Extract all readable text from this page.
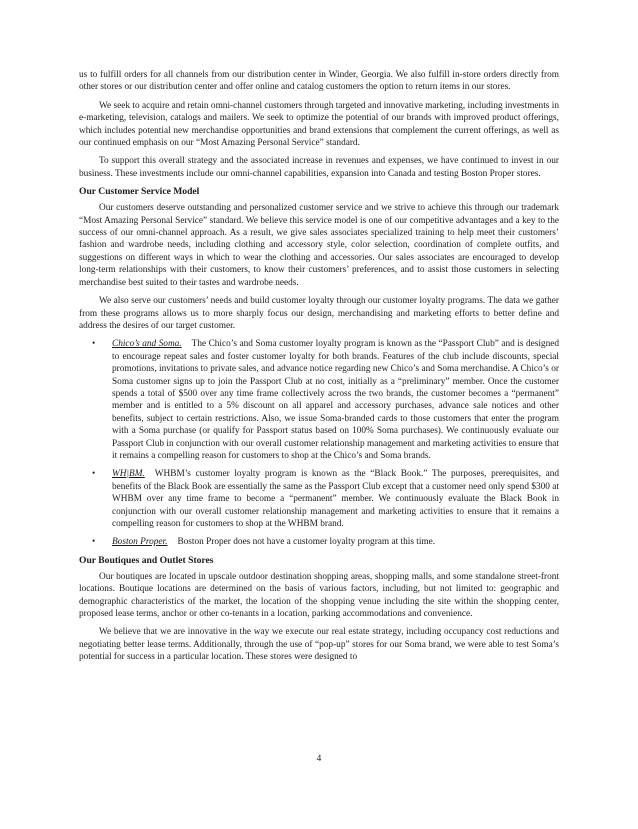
us to fulfill orders for all channels from our distribution center in Winder, Georgia. We also fulfill in-store orders directly from other stores or our distribution center and offer online and catalog customers the option to return items in our stores.

We seek to acquire and retain omni-channel customers through targeted and innovative marketing, including investments in e-marketing, television, catalogs and mailers. We seek to optimize the potential of our brands with improved product offerings, which includes potential new merchandise opportunities and brand extensions that complement the current offerings, as well as our continued emphasis on our “Most Amazing Personal Service” standard.

To support this overall strategy and the associated increase in revenues and expenses, we have continued to invest in our business. These investments include our omni-channel capabilities, expansion into Canada and testing Boston Proper stores.

Our Customer Service Model

Our customers deserve outstanding and personalized customer service and we strive to achieve this through our trademark “Most Amazing Personal Service” standard. We believe this service model is one of our competitive advantages and a key to the success of our omni-channel approach. As a result, we give sales associates specialized training to help meet their customers’ fashion and wardrobe needs, including clothing and accessory style, color selection, coordination of complete outfits, and suggestions on different ways in which to wear the clothing and accessories. Our sales associates are encouraged to develop long-term relationships with their customers, to know their customers’ preferences, and to assist those customers in selecting merchandise best suited to their tastes and wardrobe needs.

We also serve our customers’ needs and build customer loyalty through our customer loyalty programs. The data we gather from these programs allows us to more sharply focus our design, merchandising and marketing efforts to better define and address the desires of our target customer.

• Chico’s and Soma. The Chico’s and Soma customer loyalty program is known as the “Passport Club” and is designed to encourage repeat sales and foster customer loyalty for both brands. Features of the club include discounts, special promotions, invitations to private sales, and advance notice regarding new Chico’s and Soma merchandise. A Chico’s or Soma customer signs up to join the Passport Club at no cost, initially as a “preliminary” member. Once the customer spends a total of $500 over any time frame collectively across the two brands, the customer becomes a “permanent” member and is entitled to a 5% discount on all apparel and accessory purchases, advance sale notices and other benefits, subject to certain restrictions. Also, we issue Soma-branded cards to those customers that enter the program with a Soma purchase (or qualify for Passport status based on 100% Soma purchases). We continuously evaluate our Passport Club in conjunction with our overall customer relationship management and marketing activities to ensure that it remains a compelling reason for customers to shop at the Chico’s and Soma brands.
• WH|BM. WHBM’s customer loyalty program is known as the “Black Book.” The purposes, prerequisites, and benefits of the Black Book are essentially the same as the Passport Club except that a customer need only spend $300 at WHBM over any time frame to become a “permanent” member. We continuously evaluate the Black Book in conjunction with our overall customer relationship management and marketing activities to ensure that it remains a compelling reason for customers to shop at the WHBM brand.
• Boston Proper. Boston Proper does not have a customer loyalty program at this time.
Our Boutiques and Outlet Stores

Our boutiques are located in upscale outdoor destination shopping areas, shopping malls, and some standalone street-front locations. Boutique locations are determined on the basis of various factors, including, but not limited to: geographic and demographic characteristics of the market, the location of the shopping venue including the site within the shopping center, proposed lease terms, anchor or other co-tenants in a location, parking accommodations and convenience.

We believe that we are innovative in the way we execute our real estate strategy, including occupancy cost reductions and negotiating better lease terms. Additionally, through the use of “pop-up” stores for our Soma brand, we were able to test Soma’s potential for success in a particular location. These stores were designed to

4
